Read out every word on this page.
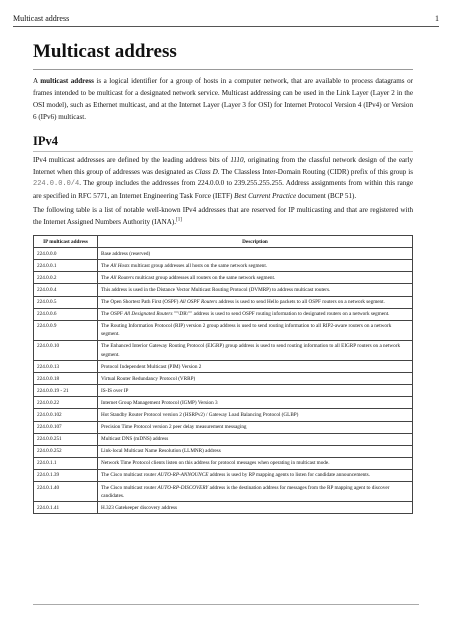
Multicast address	1
Multicast address

A multicast address is a logical identifier for a group of hosts in a computer network, that are available to process datagrams or frames intended to be multicast for a designated network service. Multicast addressing can be used in the Link Layer (Layer 2 in the OSI model), such as Ethernet multicast, and at the Internet Layer (Layer 3 for OSI) for Internet Protocol Version 4 (IPv4) or Version 6 (IPv6) multicast.

IPv4

IPv4 multicast addresses are defined by the leading address bits of 1110, originating from the classful network design of the early Internet when this group of addresses was designated as Class D. The Classless Inter-Domain Routing (CIDR) prefix of this group is 224.0.0.0/4. The group includes the addresses from 224.0.0.0 to 239.255.255.255. Address assignments from within this range are specified in RFC 5771, an Internet Engineering Task Force (IETF) Best Current Practice document (BCP 51).

The following table is a list of notable well-known IPv4 addresses that are reserved for IP multicasting and that are registered with the Internet Assigned Numbers Authority (IANA).[1]

IP multicast address	Description
224.0.0.0	Base address (reserved)
224.0.0.1	The All Hosts multicast group addresses all hosts on the same network segment.
224.0.0.2	The All Routers multicast group addresses all routers on the same network segment.
224.0.0.4	This address is used in the Distance Vector Multicast Routing Protocol (DVMRP) to address multicast routers.
224.0.0.5	The Open Shortest Path First (OSPF) All OSPF Routers address is used to send Hello packets to all OSPF routers on a network segment.
224.0.0.6	The OSPF All Designated Routers ""\DR\"" address is used to send OSPF routing information to designated routers on a network segment.
224.0.0.9	The Routing Information Protocol (RIP) version 2 group address is used to send routing information to all RIP2-aware routers on a network segment.
224.0.0.10	The Enhanced Interior Gateway Routing Protocol (EIGRP) group address is used to send routing information to all EIGRP routers on a network segment.
224.0.0.13	Protocol Independent Multicast (PIM) Version 2
224.0.0.18	Virtual Router Redundancy Protocol (VRRP)
224.0.0.19 - 21	IS-IS over IP
224.0.0.22	Internet Group Management Protocol (IGMP) Version 3
224.0.0.102	Hot Standby Router Protocol version 2 (HSRPv2) / Gateway Load Balancing Protocol (GLBP)
224.0.0.107	Precision Time Protocol version 2 peer delay measurement messaging
224.0.0.251	Multicast DNS (mDNS) address
224.0.0.252	Link-local Multicast Name Resolution (LLMNR) address
224.0.1.1	Network Time Protocol clients listen on this address for protocol messages when operating in multicast mode.
224.0.1.39	The Cisco multicast router AUTO-RP-ANNOUNCE address is used by RP mapping agents to listen for candidate announcements.
224.0.1.40	The Cisco multicast router AUTO-RP-DISCOVERY address is the destination address for messages from the RP mapping agent to discover candidates.
224.0.1.41	H.323 Gatekeeper discovery address
